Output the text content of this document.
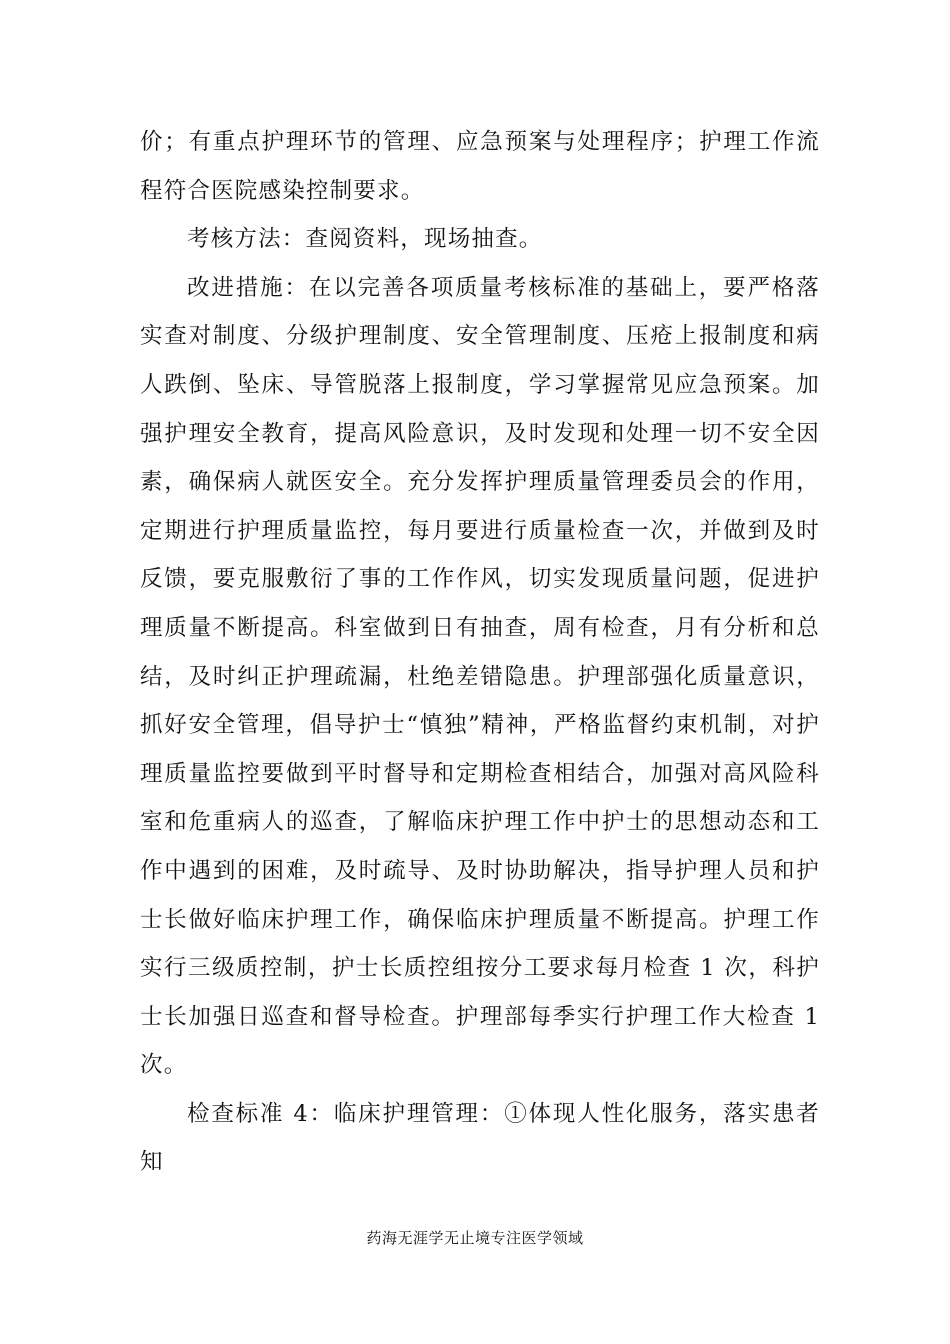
价；有重点护理环节的管理、应急预案与处理程序；护理工作流程符合医院感染控制要求。

考核方法：查阅资料，现场抽查。

改进措施：在以完善各项质量考核标准的基础上，要严格落实查对制度、分级护理制度、安全管理制度、压疮上报制度和病人跌倒、坠床、导管脱落上报制度，学习掌握常见应急预案。加强护理安全教育，提高风险意识，及时发现和处理一切不安全因素，确保病人就医安全。充分发挥护理质量管理委员会的作用，定期进行护理质量监控，每月要进行质量检查一次，并做到及时反馈，要克服敷衍了事的工作作风，切实发现质量问题，促进护理质量不断提高。科室做到日有抽查，周有检查，月有分析和总结，及时纠正护理疏漏，杜绝差错隐患。护理部强化质量意识，抓好安全管理，倡导护士“慎独”精神，严格监督约束机制，对护理质量监控要做到平时督导和定期检查相结合，加强对高风险科室和危重病人的巡查，了解临床护理工作中护士的思想动态和工作中遇到的困难，及时疏导、及时协助解决，指导护理人员和护士长做好临床护理工作，确保临床护理质量不断提高。护理工作实行三级质控制，护士长质控组按分工要求每月检查 1 次，科护士长加强日巡查和督导检查。护理部每季实行护理工作大检查 1 次。

检查标准 4：临床护理管理：①体现人性化服务，落实患者知

药海无涯学无止境专注医学领域
